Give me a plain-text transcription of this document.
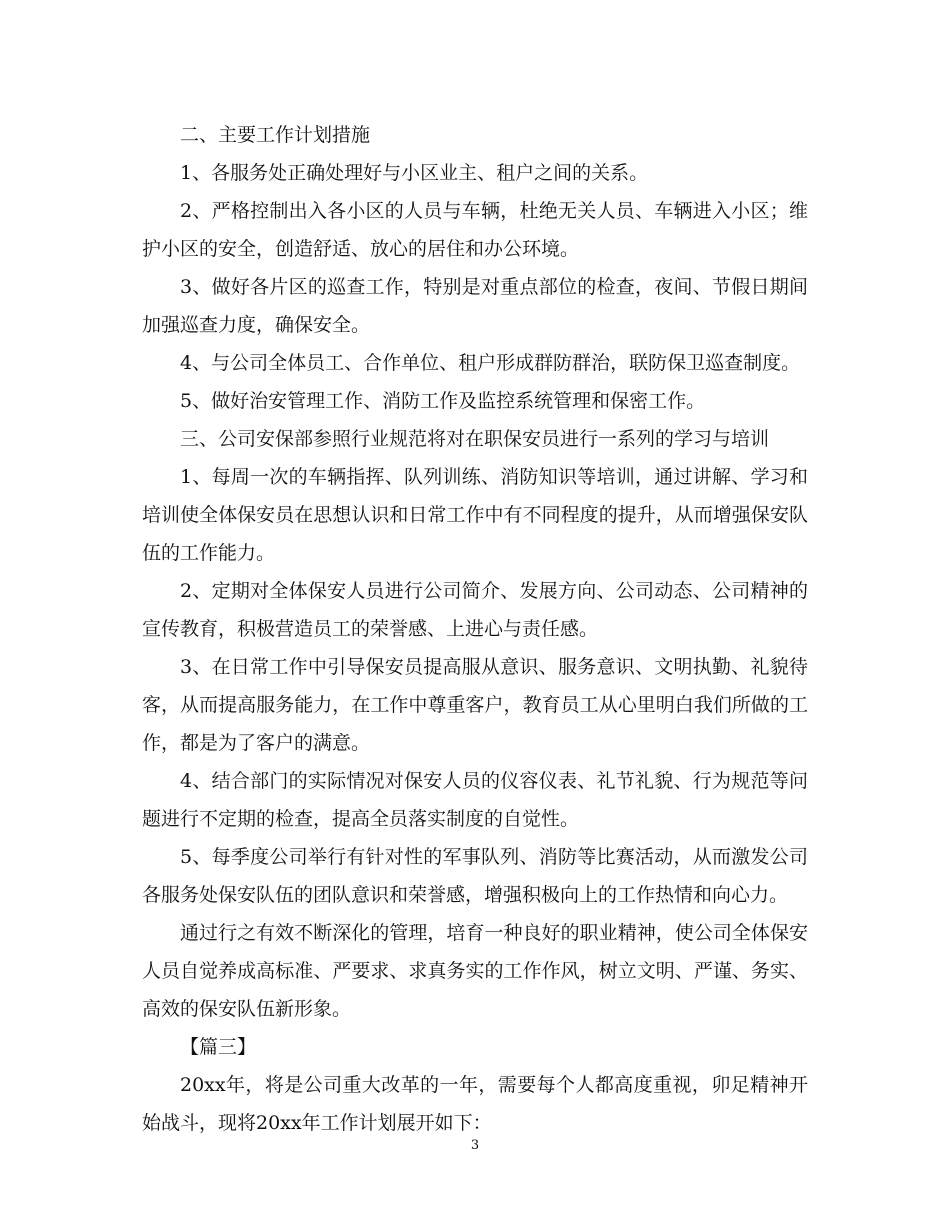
二、主要工作计划措施

1、各服务处正确处理好与小区业主、租户之间的关系。

2、严格控制出入各小区的人员与车辆，杜绝无关人员、车辆进入小区；维护小区的安全，创造舒适、放心的居住和办公环境。

3、做好各片区的巡查工作，特别是对重点部位的检查，夜间、节假日期间加强巡查力度，确保安全。

4、与公司全体员工、合作单位、租户形成群防群治，联防保卫巡查制度。

5、做好治安管理工作、消防工作及监控系统管理和保密工作。

三、公司安保部参照行业规范将对在职保安员进行一系列的学习与培训

1、每周一次的车辆指挥、队列训练、消防知识等培训，通过讲解、学习和培训使全体保安员在思想认识和日常工作中有不同程度的提升，从而增强保安队伍的工作能力。

2、定期对全体保安人员进行公司简介、发展方向、公司动态、公司精神的宣传教育，积极营造员工的荣誉感、上进心与责任感。

3、在日常工作中引导保安员提高服从意识、服务意识、文明执勤、礼貌待客，从而提高服务能力，在工作中尊重客户，教育员工从心里明白我们所做的工作，都是为了客户的满意。

4、结合部门的实际情况对保安人员的仪容仪表、礼节礼貌、行为规范等问题进行不定期的检查，提高全员落实制度的自觉性。

5、每季度公司举行有针对性的军事队列、消防等比赛活动，从而激发公司各服务处保安队伍的团队意识和荣誉感，增强积极向上的工作热情和向心力。

通过行之有效不断深化的管理，培育一种良好的职业精神，使公司全体保安人员自觉养成高标准、严要求、求真务实的工作作风，树立文明、严谨、务实、高效的保安队伍新形象。

【篇三】

20xx年，将是公司重大改革的一年，需要每个人都高度重视，卯足精神开始战斗，现将20xx年工作计划展开如下：

3
